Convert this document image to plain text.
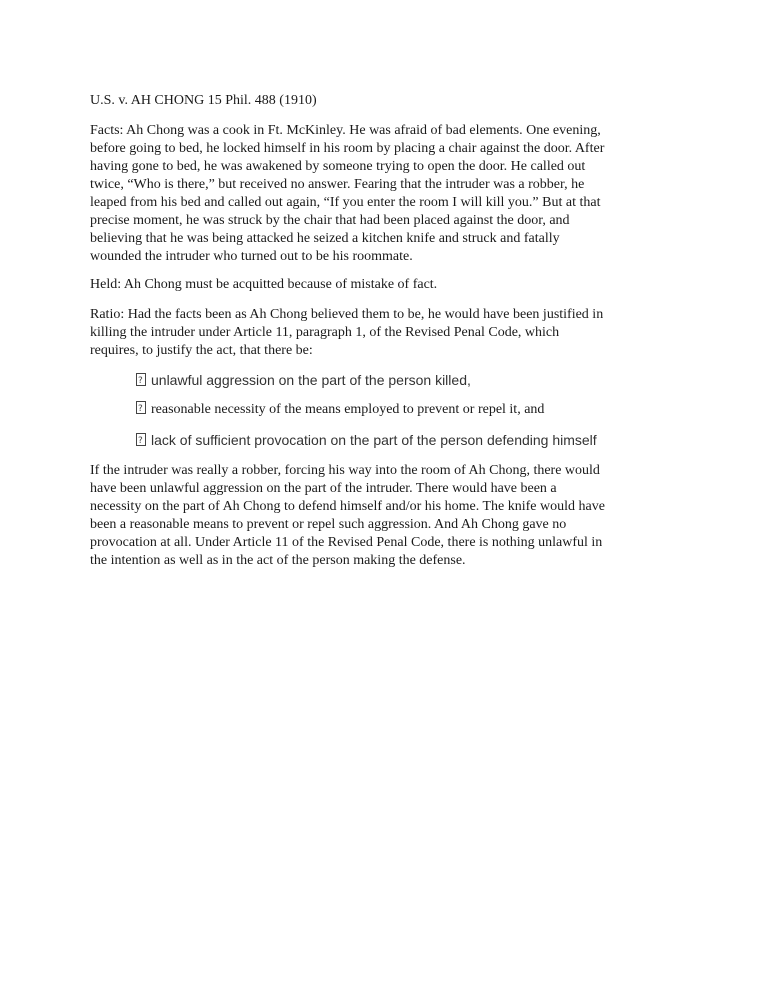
U.S. v. AH CHONG 15 Phil. 488 (1910)

Facts: Ah Chong was a cook in Ft. McKinley. He was afraid of bad elements. One evening,
before going to bed, he locked himself in his room by placing a chair against the door. After
having gone to bed, he was awakened by someone trying to open the door. He called out
twice, “Who is there,” but received no answer. Fearing that the intruder was a robber, he
leaped from his bed and called out again, “If you enter the room I will kill you.” But at that
precise moment, he was struck by the chair that had been placed against the door, and
believing that he was being attacked he seized a kitchen knife and struck and fatally
wounded the intruder who turned out to be his roommate.

Held: Ah Chong must be acquitted because of mistake of fact.

Ratio: Had the facts been as Ah Chong believed them to be, he would have been justified in
killing the intruder under Article 11, paragraph 1, of the Revised Penal Code, which
requires, to justify the act, that there be:

?unlawful aggression on the part of the person killed,

?reasonable necessity of the means employed to prevent or repel it, and

?lack of sufficient provocation on the part of the person defending himself

If the intruder was really a robber, forcing his way into the room of Ah Chong, there would
have been unlawful aggression on the part of the intruder. There would have been a
necessity on the part of Ah Chong to defend himself and/or his home. The knife would have
been a reasonable means to prevent or repel such aggression. And Ah Chong gave no
provocation at all. Under Article 11 of the Revised Penal Code, there is nothing unlawful in
the intention as well as in the act of the person making the defense.
